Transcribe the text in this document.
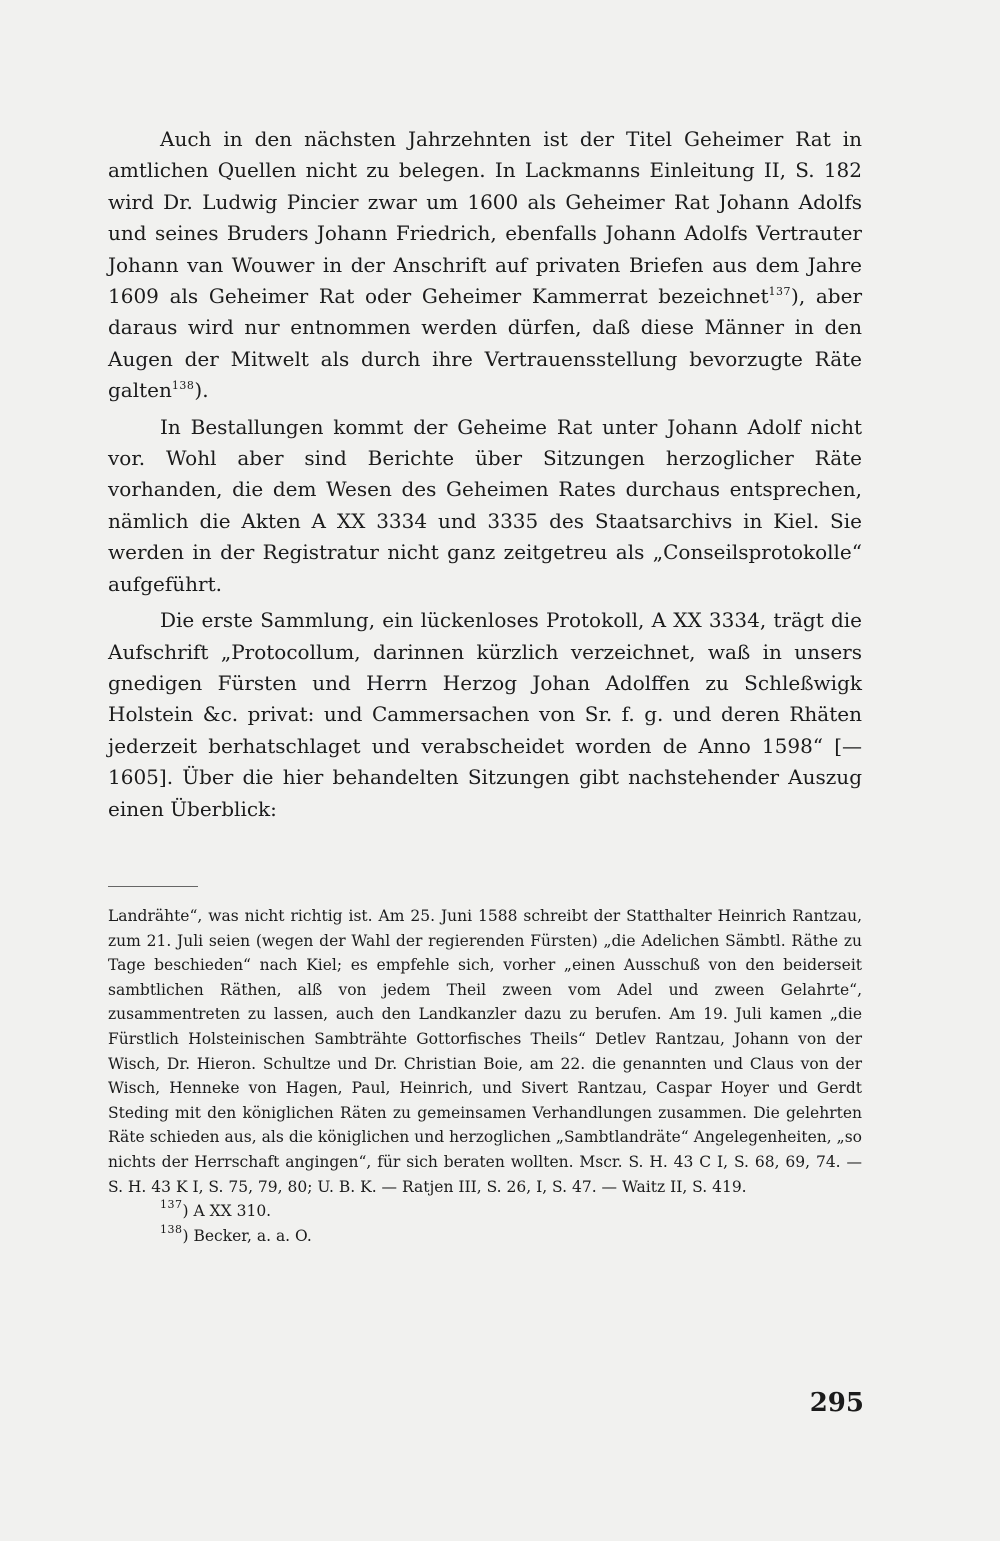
Auch in den nächsten Jahrzehnten ist der Titel Geheimer Rat in amtlichen Quellen nicht zu belegen. In Lackmanns Einleitung II, S. 182 wird Dr. Ludwig Pincier zwar um 1600 als Geheimer Rat Johann Adolfs und seines Bruders Johann Friedrich, ebenfalls Johann Adolfs Vertrauter Johann van Wouwer in der Anschrift auf privaten Briefen aus dem Jahre 1609 als Geheimer Rat oder Geheimer Kammerrat bezeichnet$^{137}$), aber daraus wird nur entnommen werden dürfen, daß diese Männer in den Augen der Mitwelt als durch ihre Vertrauensstellung bevorzugte Räte galten$^{138}$).

In Bestallungen kommt der Geheime Rat unter Johann Adolf nicht vor. Wohl aber sind Berichte über Sitzungen herzoglicher Räte vorhanden, die dem Wesen des Geheimen Rates durchaus entsprechen, nämlich die Akten A XX 3334 und 3335 des Staatsarchivs in Kiel. Sie werden in der Registratur nicht ganz zeitgetreu als „Conseilsprotokolle“ aufgeführt.

Die erste Sammlung, ein lückenloses Protokoll, A XX 3334, trägt die Aufschrift „Protocollum, darinnen kürzlich verzeichnet, waß in unsers gnedigen Fürsten und Herrn Herzog Johan Adolffen zu Schleßwigk Holstein &c. privat: und Cammersachen von Sr. f. g. und deren Rhäten jederzeit berhatschlaget und verabscheidet worden de Anno 1598“ [—1605]. Über die hier behandelten Sitzungen gibt nachstehender Auszug einen Überblick:

Landrähte“, was nicht richtig ist. Am 25. Juni 1588 schreibt der Statthalter Heinrich Rantzau, zum 21. Juli seien (wegen der Wahl der regierenden Fürsten) „die Adelichen Sämbtl. Räthe zu Tage beschieden“ nach Kiel; es empfehle sich, vorher „einen Ausschuß von den beiderseit sambtlichen Räthen, alß von jedem Theil zween vom Adel und zween Gelahrte“, zusammentreten zu lassen, auch den Landkanzler dazu zu berufen. Am 19. Juli kamen „die Fürstlich Holsteinischen Sambträhte Gottorfisches Theils“ Detlev Rantzau, Johann von der Wisch, Dr. Hieron. Schultze und Dr. Christian Boie, am 22. die genannten und Claus von der Wisch, Henneke von Hagen, Paul, Heinrich, und Sivert Rantzau, Caspar Hoyer und Gerdt Steding mit den königlichen Räten zu gemeinsamen Verhandlungen zusammen. Die gelehrten Räte schieden aus, als die königlichen und herzoglichen „Sambtlandräte“ Angelegenheiten, „so nichts der Herrschaft angingen“, für sich beraten wollten. Mscr. S. H. 43 C I, S. 68, 69, 74. — S. H. 43 K I, S. 75, 79, 80; U. B. K. — Ratjen III, S. 26, I, S. 47. — Waitz II, S. 419.

$^{137}$) A XX 310.

$^{138}$) Becker, a. a. O.

295
